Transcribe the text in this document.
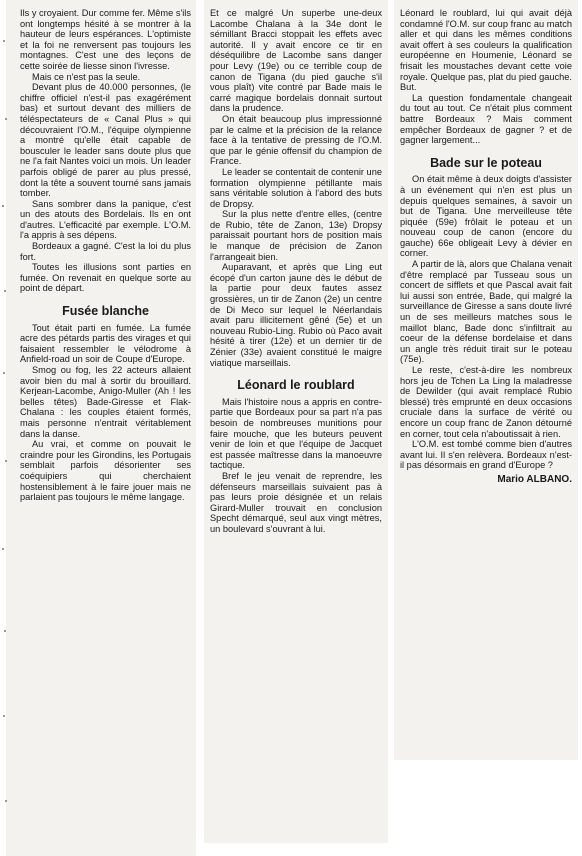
Ils y croyaient. Dur comme fer. Même s'ils ont longtemps hésité à se montrer à la hauteur de leurs espérances. L'optimiste et la foi ne renversent pas toujours les montagnes. C'est une des leçons de cette soirée de liesse sinon l'ivresse.

Mais ce n'est pas la seule.

Devant plus de 40.000 personnes, (le chiffre officiel n'est-il pas exagérément bas) et surtout devant des milliers de téléspectateurs de « Canal Plus » qui découvraient l'O.M., l'équipe olympienne a montré qu'elle était capable de bousculer le leader sans doute plus que ne l'a fait Nantes voici un mois. Un leader parfois obligé de parer au plus pressé, dont la tête a souvent tourné sans jamais tomber.

Sans sombrer dans la panique, c'est un des atouts des Bordelais. Ils en ont d'autres. L'efficacité par exemple. L'O.M. l'a appris à ses dépens.

Bordeaux a gagné. C'est la loi du plus fort.

Toutes les illusions sont parties en fumée. On revenait en quelque sorte au point de départ.

Fusée blanche

Tout était parti en fumée. La fumée acre des pétards partis des virages et qui faisaient ressembler le vélodrome à Anfield-road un soir de Coupe d'Europe.

Smog ou fog, les 22 acteurs allaient avoir bien du mal à sortir du brouillard. Kerjean-Lacombe, Anigo-Muller (Ah ! les belles têtes) Bade-Giresse et Flak-Chalana : les couples étaient formés, mais personne n'entrait véritablement dans la danse.

Au vrai, et comme on pouvait le craindre pour les Girondins, les Portugais semblait parfois désorienter ses coéquipiers qui cherchaient hostensiblement à le faire jouer mais ne parlaient pas toujours le même langage.

Et ce malgré Un superbe une-deux Lacombe Chalana à la 34e dont le sémillant Bracci stoppait les effets avec autorité. Il y avait encore ce tir en déséquilibre de Lacombe sans danger pour Levy (19e) ou ce terrible coup de canon de Tigana (du pied gauche s'il vous plaît) vite contré par Bade mais le carré magique bordelais donnait surtout dans la prudence.

On était beaucoup plus impressionné par le calme et la précision de la relance face à la tentative de pressing de l'O.M. que par le génie offensif du champion de France.

Le leader se contentait de contenir une formation olympienne pétillante mais sans véritable solution à l'abord des buts de Dropsy.

Sur la plus nette d'entre elles, (centre de Rubio, tête de Zanon, 13e) Dropsy paraissait pourtant hors de position mais le manque de précision de Zanon l'arrangeait bien.

Auparavant, et après que Ling eut écopé d'un carton jaune dès le début de la partie pour deux fautes assez grossières, un tir de Zanon (2e) un centre de Di Meco sur lequel le Néerlandais avait paru illicitement gêné (5e) et un nouveau Rubio-Ling. Rubio où Paco avait hésité à tirer (12e) et un dernier tir de Zénier (33e) avaient constitué le maigre viatique marseillais.

Léonard le roublard

Mais l'histoire nous a appris en contre-partie que Bordeaux pour sa part n'a pas besoin de nombreuses munitions pour faire mouche, que les buteurs peuvent venir de loin et que l'équipe de Jacquet est passée maîtresse dans la manoeuvre tactique.

Bref le jeu venait de reprendre, les défenseurs marseillais suivaient pas à pas leurs proie désignée et un relais Girard-Muller trouvait en conclusion Specht démarqué, seul aux vingt mètres, un boulevard s'ouvrant à lui.

Léonard le roublard, lui qui avait déjà condamné l'O.M. sur coup franc au match aller et qui dans les mêmes conditions avait offert à ses couleurs la qualification européenne en Houmenie, Léonard se frisait les moustaches devant cette voie royale. Quelque pas, plat du pied gauche. But.

La question fondamentale changeait du tout au tout. Ce n'était plus comment battre Bordeaux ? Mais comment empêcher Bordeaux de gagner ? et de gagner largement...

Bade sur le poteau

On était même à deux doigts d'assister à un événement qui n'en est plus un depuis quelques semaines, à savoir un but de Tigana. Une merveilleuse tête piquée (59e) frôlait le poteau et un nouveau coup de canon (encore du gauche) 66e obligeait Levy à dévier en corner.

A partir de là, alors que Chalana venait d'être remplacé par Tusseau sous un concert de sifflets et que Pascal avait fait lui aussi son entrée, Bade, qui malgré la surveillance de Giresse a sans doute livré un de ses meilleurs matches sous le maillot blanc, Bade donc s'infiltrait au coeur de la défense bordelaise et dans un angle très réduit tirait sur le poteau (75e).

Le reste, c'est-à-dire les nombreux hors jeu de Tchen La Ling la maladresse de Dewilder (qui avait remplacé Rubio blessé) très emprunté en deux occasions cruciale dans la surface de vérité ou encore un coup franc de Zanon détourné en corner, tout cela n'aboutissait à rien.

L'O.M. est tombé comme bien d'autres avant lui. Il s'en relèvera. Bordeaux n'est-il pas désormais en grand d'Europe ?

Mario ALBANO.
